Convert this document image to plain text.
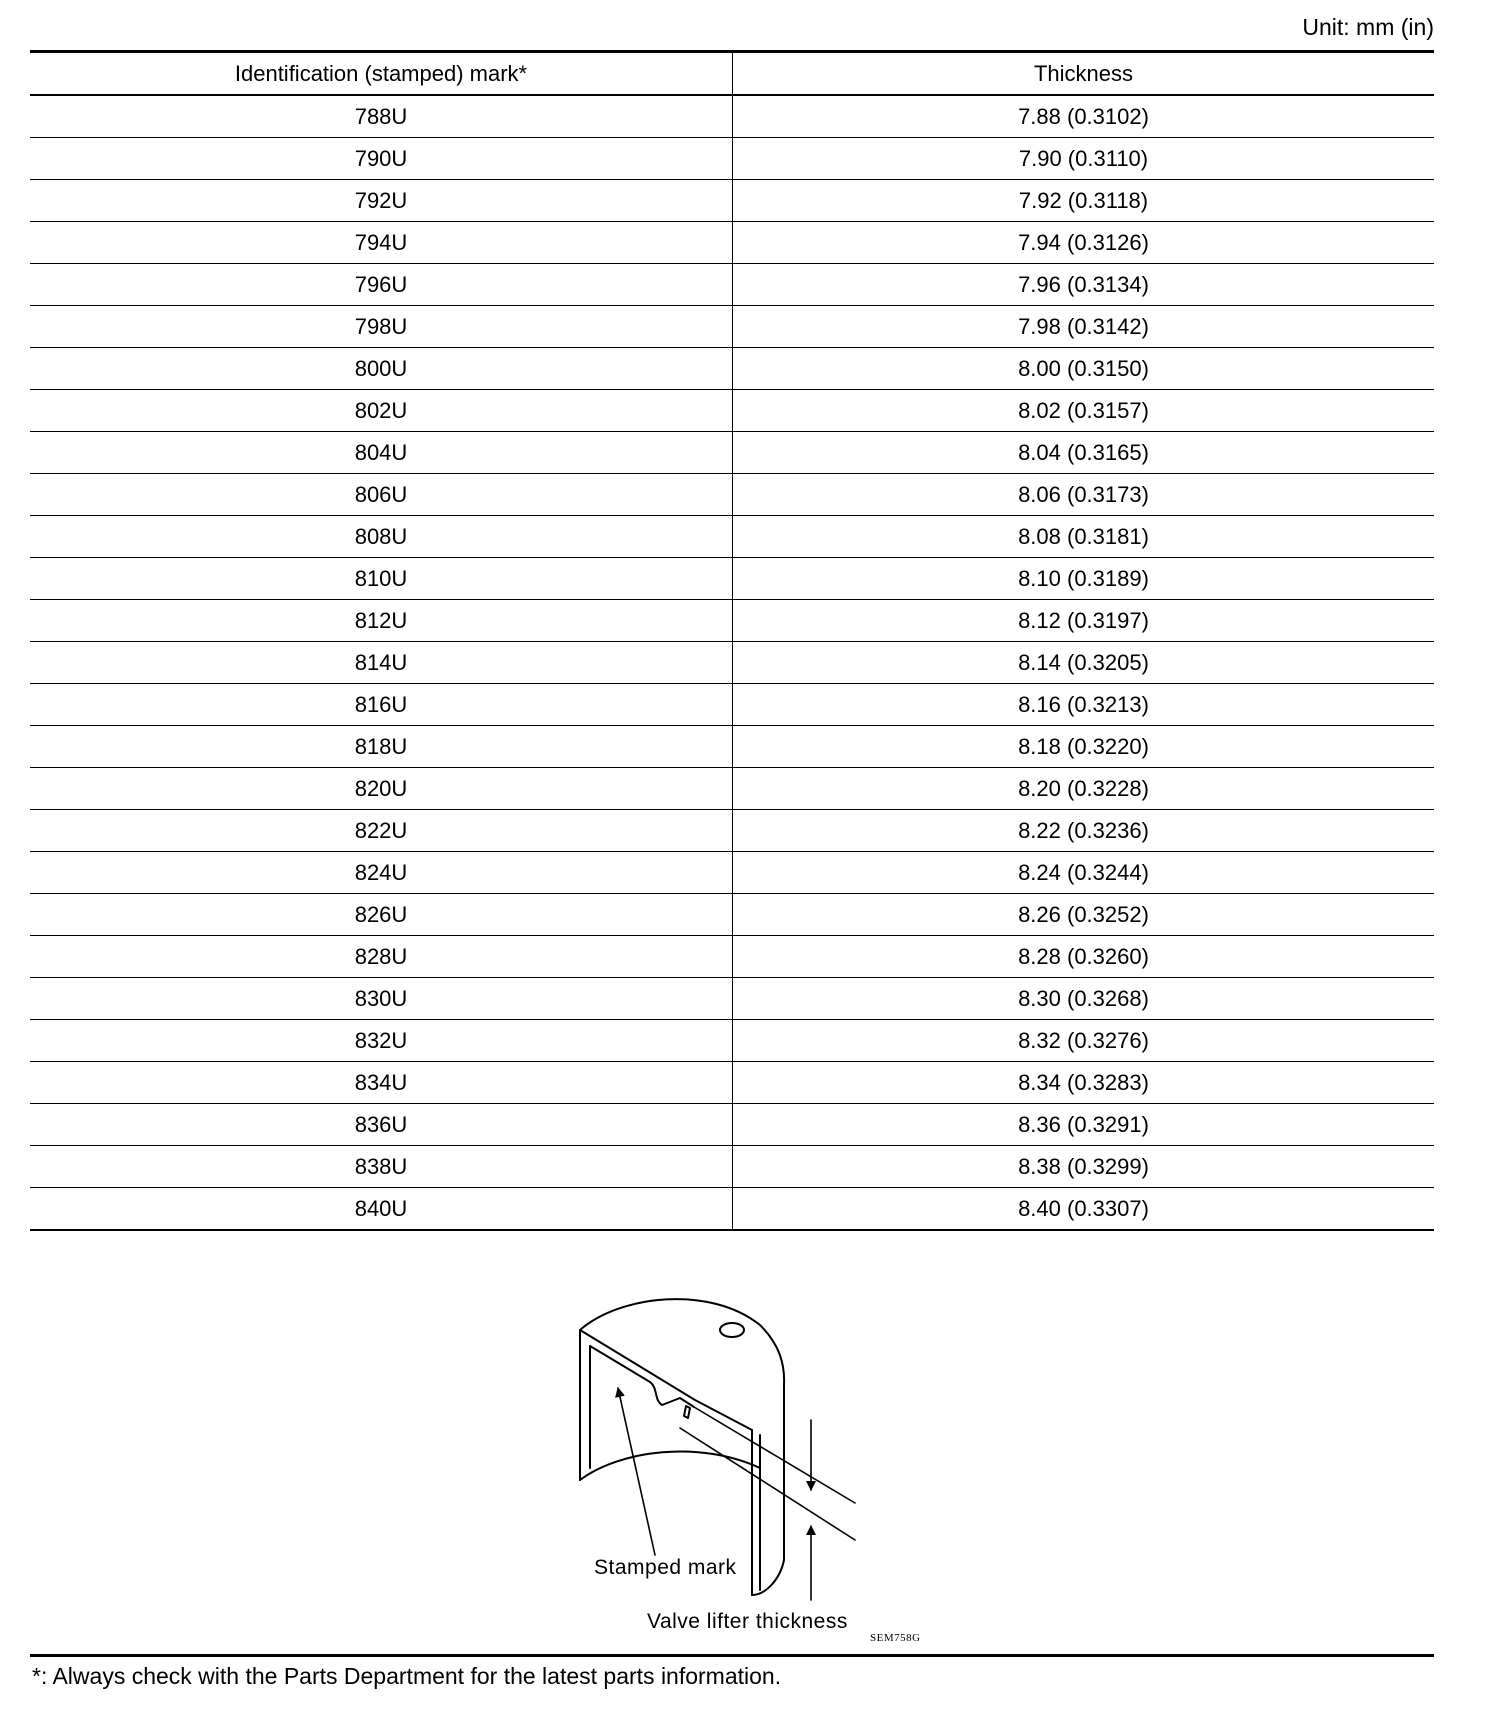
Unit: mm (in)
Identification (stamped) mark*	Thickness
788U	7.88 (0.3102)
790U	7.90 (0.3110)
792U	7.92 (0.3118)
794U	7.94 (0.3126)
796U	7.96 (0.3134)
798U	7.98 (0.3142)
800U	8.00 (0.3150)
802U	8.02 (0.3157)
804U	8.04 (0.3165)
806U	8.06 (0.3173)
808U	8.08 (0.3181)
810U	8.10 (0.3189)
812U	8.12 (0.3197)
814U	8.14 (0.3205)
816U	8.16 (0.3213)
818U	8.18 (0.3220)
820U	8.20 (0.3228)
822U	8.22 (0.3236)
824U	8.24 (0.3244)
826U	8.26 (0.3252)
828U	8.28 (0.3260)
830U	8.30 (0.3268)
832U	8.32 (0.3276)
834U	8.34 (0.3283)
836U	8.36 (0.3291)
838U	8.38 (0.3299)
840U	8.40 (0.3307)
Stamped mark
Valve lifter thickness
SEM758G
*: Always check with the Parts Department for the latest parts information.
